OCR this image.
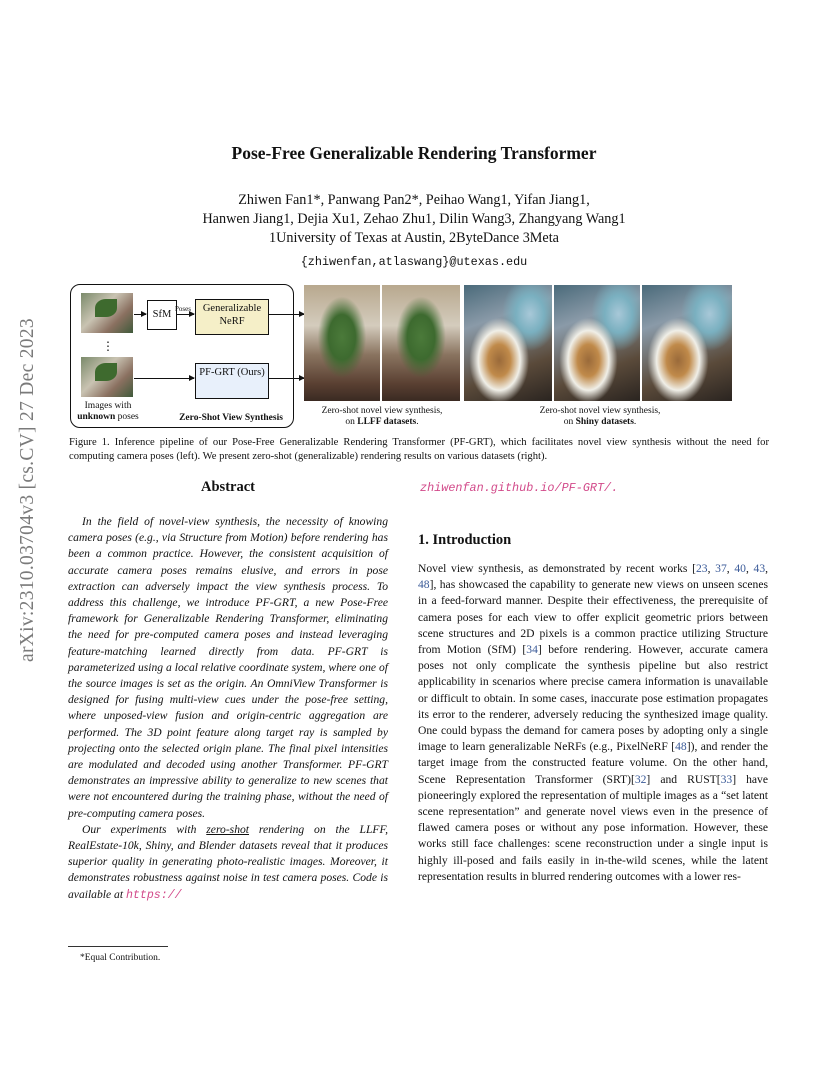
arXiv:2310.03704v3 [cs.CV] 27 Dec 2023
Pose-Free Generalizable Rendering Transformer
Zhiwen Fan1*, Panwang Pan2*, Peihao Wang1, Yifan Jiang1,
Hanwen Jiang1, Dejia Xu1, Zehao Zhu1, Dilin Wang3, Zhangyang Wang1
1University of Texas at Austin, 2ByteDance 3Meta
{zhiwenfan,atlaswang}@utexas.edu
⋮
SfM Poses	Generalizable NeRF
PF-GRT (Ours)
Images with
unknown poses	Zero-Shot View Synthesis
Zero-shot novel view synthesis,
on LLFF datasets.
Zero-shot novel view synthesis,
on Shiny datasets.
Figure 1. Inference pipeline of our Pose-Free Generalizable Rendering Transformer (PF-GRT), which facilitates novel view synthesis without the need for computing camera poses (left). We present zero-shot (generalizable) rendering results on various datasets (right).
Abstract

In the field of novel-view synthesis, the necessity of knowing camera poses (e.g., via Structure from Motion) before rendering has been a common practice. However, the consistent acquisition of accurate camera poses remains elusive, and errors in pose extraction can adversely impact the view synthesis process. To address this challenge, we introduce PF-GRT, a new Pose-Free framework for Generalizable Rendering Transformer, eliminating the need for pre-computed camera poses and instead leveraging feature-matching learned directly from data. PF-GRT is parameterized using a local relative coordinate system, where one of the source images is set as the origin. An OmniView Transformer is designed for fusing multi-view cues under the pose-free setting, where unposed-view fusion and origin-centric aggregation are performed. The 3D point feature along target ray is sampled by projecting onto the selected origin plane. The final pixel intensities are modulated and decoded using another Transformer. PF-GRT demonstrates an impressive ability to generalize to new scenes that were not encountered during the training phase, without the need of pre-computing camera poses.

Our experiments with zero-shot rendering on the LLFF, RealEstate-10k, Shiny, and Blender datasets reveal that it produces superior quality in generating photo-realistic images. Moreover, it demonstrates robustness against noise in test camera poses. Code is available at https://

*Equal Contribution.
zhiwenfan.github.io/PF-GRT/.
1. Introduction

Novel view synthesis, as demonstrated by recent works [23, 37, 40, 43, 48], has showcased the capability to generate new views on unseen scenes in a feed-forward manner. Despite their effectiveness, the prerequisite of camera poses for each view to offer explicit geometric priors between scene structures and 2D pixels is a common practice utilizing Structure from Motion (SfM) [34] before rendering. However, accurate camera poses not only complicate the synthesis pipeline but also restrict applicability in scenarios where precise camera information is unavailable or difficult to obtain. In some cases, inaccurate pose estimation propagates its error to the renderer, adversely reducing the synthesized image quality. One could bypass the demand for camera poses by adopting only a single image to learn generalizable NeRFs (e.g., PixelNeRF [48]), and render the target image from the constructed feature volume. On the other hand, Scene Representation Transformer (SRT)[32] and RUST[33] have pioneeringly explored the representation of multiple images as a “set latent scene representation” and generate novel views even in the presence of flawed camera poses or without any pose information. However, these works still face challenges: scene reconstruction under a single input is highly ill-posed and fails easily in in-the-wild scenes, while the latent representation results in blurred rendering outcomes with a lower res-
